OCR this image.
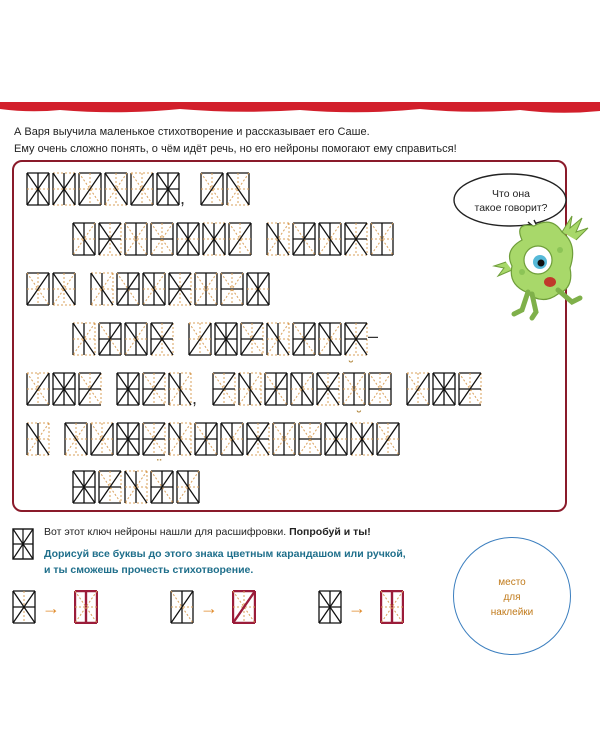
А Варя выучила маленькое стихотворение и рассказывает его Саше.
Ему очень сложно понять, о чём идёт речь, но его нейроны помогают ему справиться!
,
–
,
˘
˘
¨
Что она
такое говорит?
Вот этот ключ нейроны нашли для расшифровки. Попробуй и ты!
Дорисуй все буквы до этого знака цветным карандашом или ручкой,
и ты сможешь прочесть стихотворение.
→	→	→
место
для
наклейки
